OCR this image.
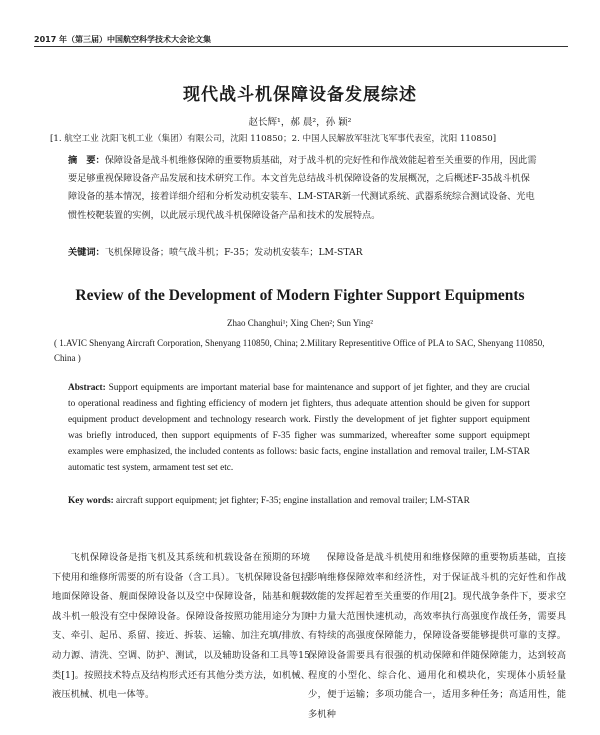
2017 年（第三届）中国航空科学技术大会论文集
现代战斗机保障设备发展综述
赵长辉¹，郝 晨²，孙 颖²
[1. 航空工业 沈阳飞机工业（集团）有限公司，沈阳 110850；2. 中国人民解放军驻沈飞军事代表室，沈阳 110850]
摘　要：保障设备是战斗机维修保障的重要物质基础，对于战斗机的完好性和作战效能起着至关重要的作用，因此需要足够重视保障设备产品发展和技术研究工作。本文首先总结战斗机保障设备的发展概况，之后概述F-35战斗机保障设备的基本情况，接着详细介绍和分析发动机安装车、LM-STAR新一代测试系统、武器系统综合测试设备、光电惯性校靶装置的实例，以此展示现代战斗机保障设备产品和技术的发展特点。
关键词：飞机保障设备；喷气战斗机；F-35；发动机安装车；LM-STAR
Review of the Development of Modern Fighter Support Equipments
Zhao Changhui¹; Xing Chen²; Sun Ying²
( 1.AVIC Shenyang Aircraft Corporation, Shenyang 110850, China; 2.Military Representitive Office of PLA to SAC, Shenyang 110850, China )
Abstract: Support equipments are important material base for maintenance and support of jet fighter, and they are crucial to operational readiness and fighting efficiency of modern jet fighters, thus adequate attention should be given for support equipment product development and technology research work. Firstly the development of jet fighter support equipment was briefly introduced, then support equipments of F-35 figher was summarized, whereafter some support equipmept examples were emphasized, the included contents as follows: basic facts, engine installation and removal trailer, LM-STAR automatic test system, armament test set etc.
Key words: aircraft support equipment; jet fighter; F-35; engine installation and removal trailer; LM-STAR

飞机保障设备是指飞机及其系统和机载设备在预期的环境下使用和维修所需要的所有设备（含工具）。飞机保障设备包括地面保障设备、舰面保障设备以及空中保障设备，陆基和舰载战斗机一般没有空中保障设备。保障设备按照功能用途分为顶支、牵引、起吊、系留、接近、拆装、运输、加注充填/排放、动力源、清洗、空调、防护、测试，以及辅助设备和工具等15类[1]。按照技术特点及结构形式还有其他分类方法，如机械、液压机械、机电一体等。

保障设备是战斗机使用和维修保障的重要物质基础，直接影响维修保障效率和经济性，对于保证战斗机的完好性和作战效能的发挥起着至关重要的作用[2]。现代战争条件下，要求空中力量大范围快速机动，高效率执行高强度作战任务，需要具有特续的高强度保障能力，保障设备要能够提供可靠的支撑。保障设备需要具有很强的机动保障和伴随保障能力，达到较高程度的小型化、综合化、通用化和模块化，实现体小质轻量少，便于运输；多项功能合一，适用多种任务；高适用性，能多机种
